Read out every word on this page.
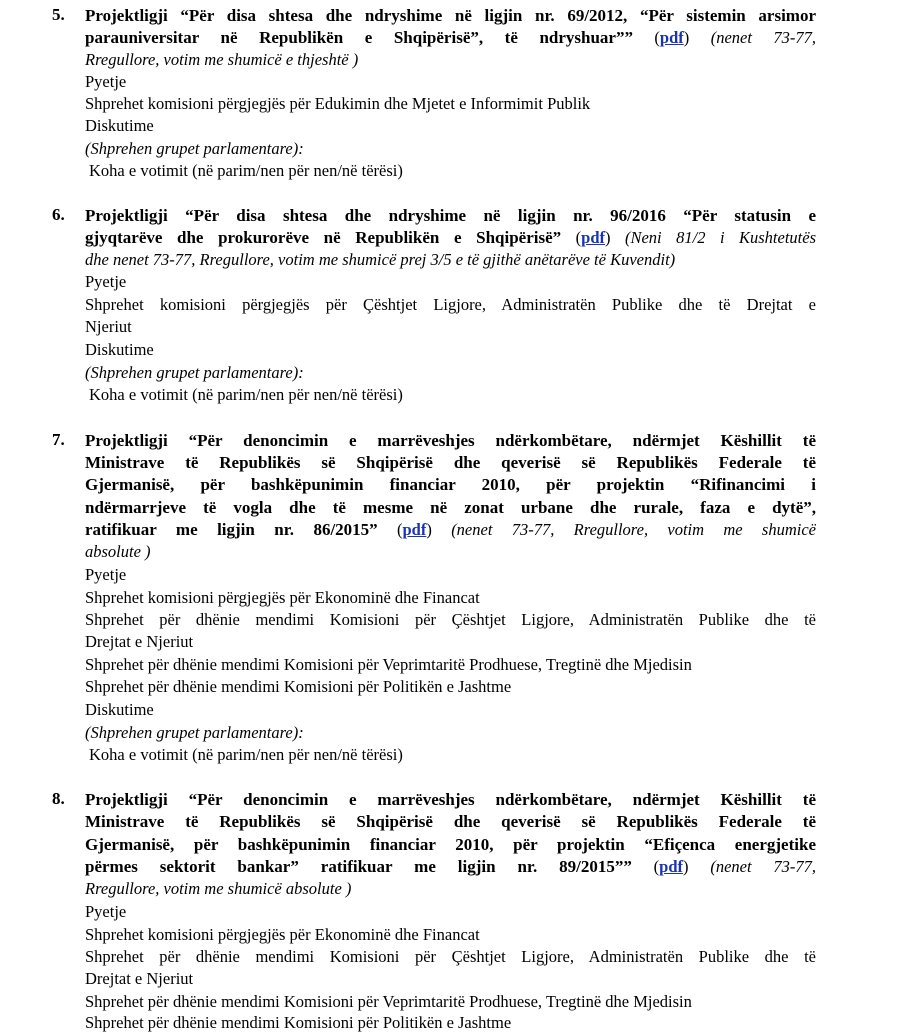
5. Projektligji “Për disa shtesa dhe ndryshime në ligjin nr. 69/2012, “Për sistemin arsimor
parauniversitar në Republikën e Shqipërisë”, të ndryshuar”” (pdf) (nenet 73-77,
Rregullore, votim me shumicë e thjeshtë )
Pyetje
Shprehet komisioni përgjegjës për Edukimin dhe Mjetet e Informimit Publik
Diskutime
(Shprehen grupet parlamentare):
Koha e votimit (në parim/nen për nen/në tërësi)
6. Projektligji “Për disa shtesa dhe ndryshime në ligjin nr. 96/2016 “Për statusin e
gjyqtarëve dhe prokurorëve në Republikën e Shqipërisë” (pdf) (Neni 81/2 i Kushtetutës
dhe nenet 73-77, Rregullore, votim me shumicë prej 3/5 e të gjithë anëtarëve të Kuvendit)
Pyetje
Shprehet komisioni përgjegjës për Çështjet Ligjore, Administratën Publike dhe të Drejtat e
Njeriut
Diskutime
(Shprehen grupet parlamentare):
Koha e votimit (në parim/nen për nen/në tërësi)
7. Projektligji “Për denoncimin e marrëveshjes ndërkombëtare, ndërmjet Këshillit të
Ministrave të Republikës së Shqipërisë dhe qeverisë së Republikës Federale të
Gjermanisë, për bashkëpunimin financiar 2010, për projektin “Rifinancimi i
ndërmarrjeve të vogla dhe të mesme në zonat urbane dhe rurale, faza e dytë”,
ratifikuar me ligjin nr. 86/2015” (pdf) (nenet 73-77, Rregullore, votim me shumicë
absolute )
Pyetje
Shprehet komisioni përgjegjës për Ekonominë dhe Financat
Shprehet për dhënie mendimi Komisioni për Çështjet Ligjore, Administratën Publike dhe të
Drejtat e Njeriut
Shprehet për dhënie mendimi Komisioni për Veprimtaritë Prodhuese, Tregtinë dhe Mjedisin
Shprehet për dhënie mendimi Komisioni për Politikën e Jashtme
Diskutime
(Shprehen grupet parlamentare):
Koha e votimit (në parim/nen për nen/në tërësi)
8. Projektligji “Për denoncimin e marrëveshjes ndërkombëtare, ndërmjet Këshillit të
Ministrave të Republikës së Shqipërisë dhe qeverisë së Republikës Federale të
Gjermanisë, për bashkëpunimin financiar 2010, për projektin “Efiçenca energjetike
përmes sektorit bankar” ratifikuar me ligjin nr. 89/2015”” (pdf) (nenet 73-77,
Rregullore, votim me shumicë absolute )
Pyetje
Shprehet komisioni përgjegjës për Ekonominë dhe Financat
Shprehet për dhënie mendimi Komisioni për Çështjet Ligjore, Administratën Publike dhe të
Drejtat e Njeriut
Shprehet për dhënie mendimi Komisioni për Veprimtaritë Prodhuese, Tregtinë dhe Mjedisin
Shprehet për dhënie mendimi Komisioni për Politikën e Jashtme
